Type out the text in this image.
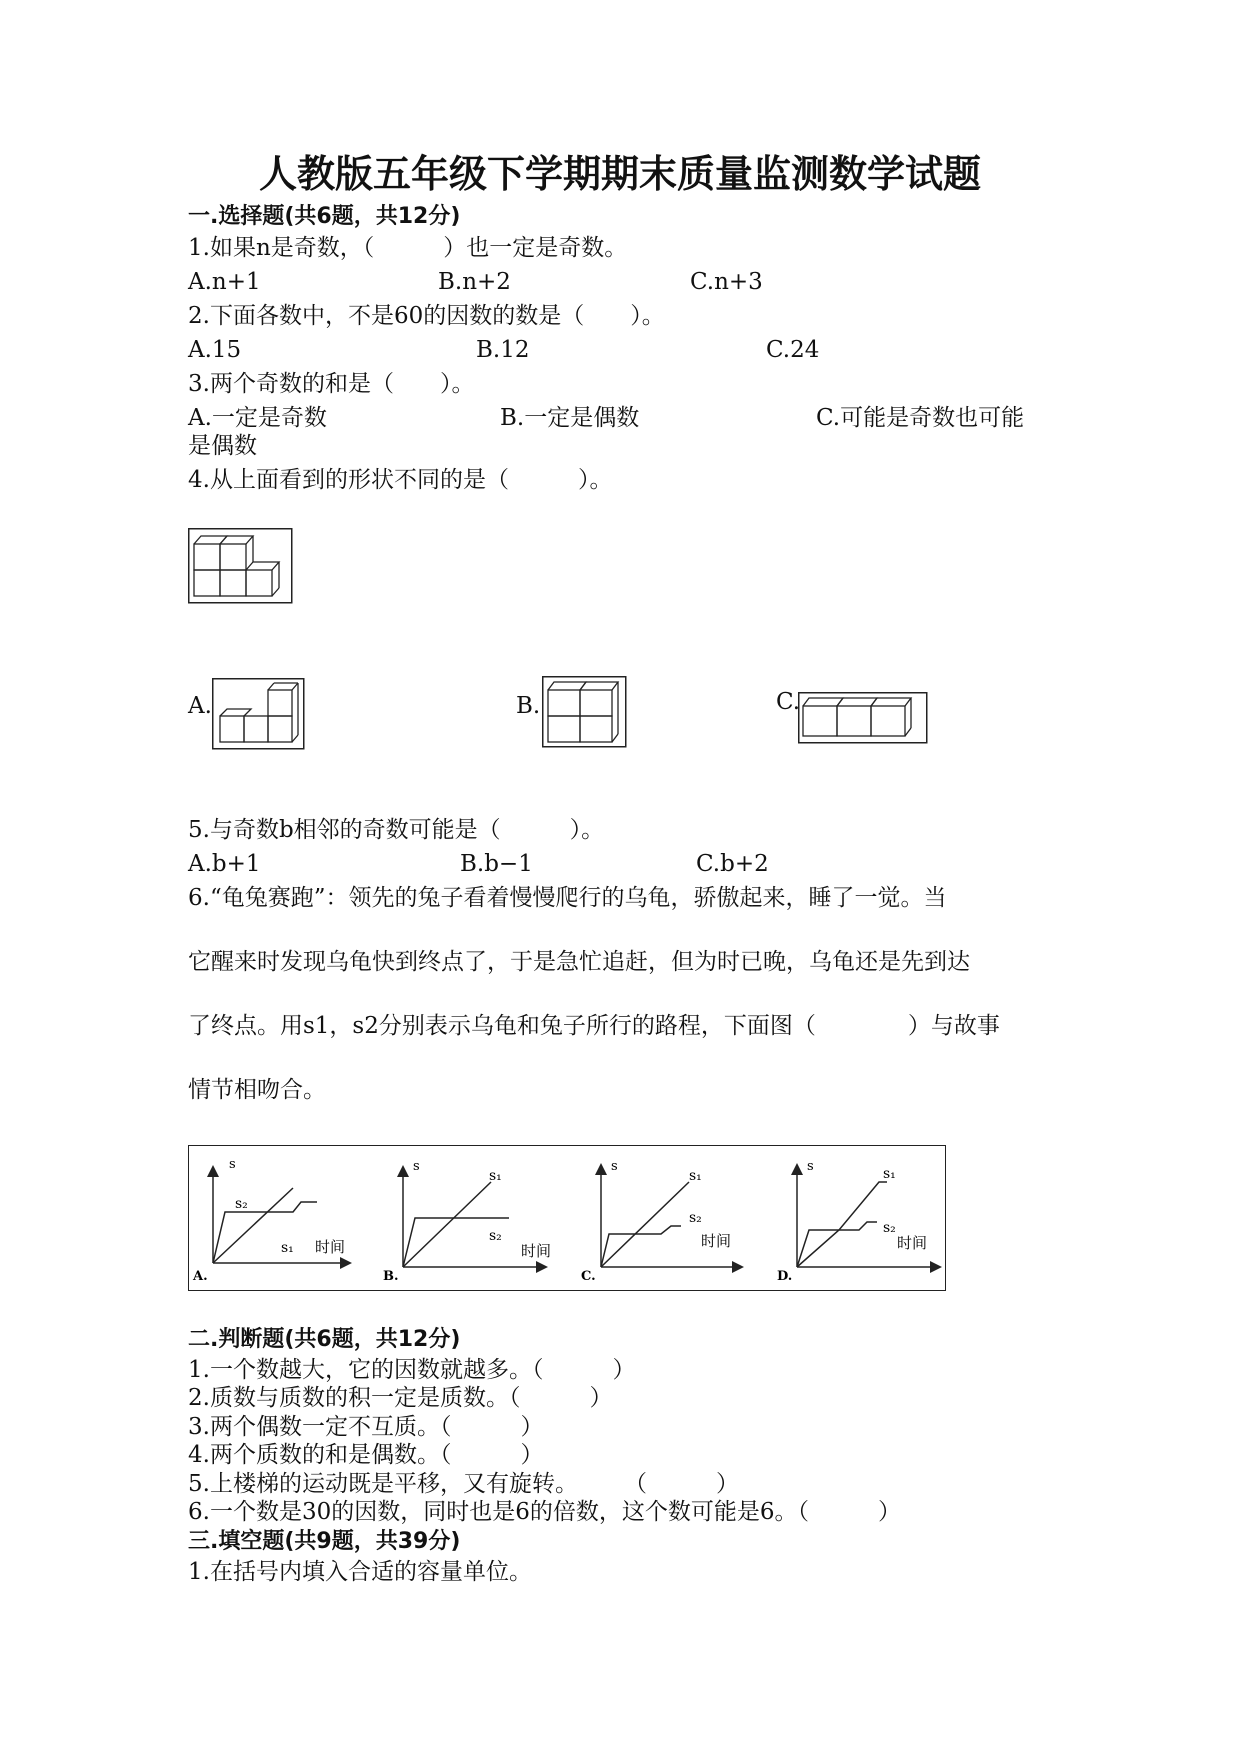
人教版五年级下学期期末质量监测数学试题
一.选择题(共6题，共12分)
1.如果n是奇数，（　　　）也一定是奇数。
A.n+1	B.n+2	C.n+3
2.下面各数中，不是60的因数的数是（　　）。
A.15	B.12	C.24
3.两个奇数的和是（　　）。
A.一定是奇数	B.一定是偶数	C.可能是奇数也可能
是偶数
4.从上面看到的形状不同的是（　　　）。
A.	B.	C.
5.与奇数b相邻的奇数可能是（　　　）。
A.b+1	B.b−1	C.b+2
6.“龟兔赛跑”：领先的兔子看着慢慢爬行的乌龟，骄傲起来，睡了一觉。当
它醒来时发现乌龟快到终点了，于是急忙追赶，但为时已晚，乌龟还是先到达
了终点。用s1，s2分别表示乌龟和兔子所行的路程，下面图（　　　　）与故事
情节相吻合。
A.
s
s₂
s₁ 时间
B.
s
s₁
s₂
时间
C.
s
s₁
s₂
时间
D.
s	s₁
s₂
时间
二.判断题(共6题，共12分)
1.一个数越大，它的因数就越多。（　　　）
2.质数与质数的积一定是质数。（　　　）
3.两个偶数一定不互质。（　　　）
4.两个质数的和是偶数。（　　　）
5.上楼梯的运动既是平移，又有旋转。　　　（　　　）
6.一个数是30的因数，同时也是6的倍数，这个数可能是6。（　　　）
三.填空题(共9题，共39分)
1.在括号内填入合适的容量单位。
